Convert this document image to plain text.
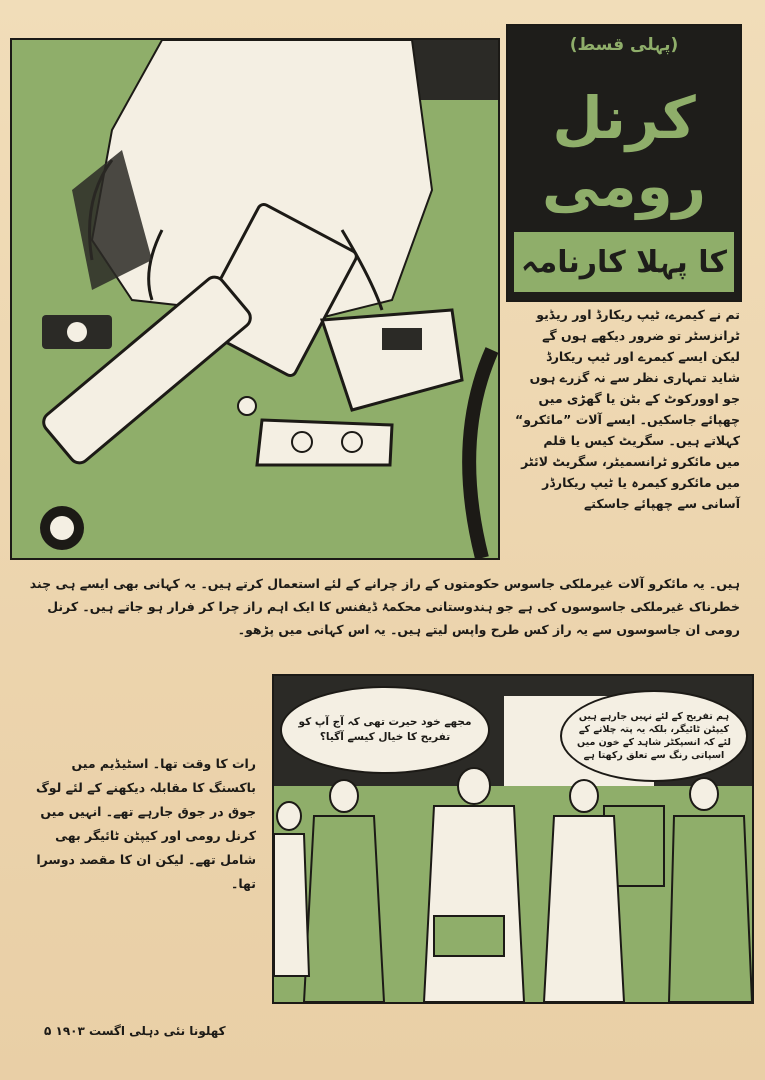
(پہلی قسط)
کرنل رومی
کا پہلا کارنامہ
تم نے کیمرے، ٹیپ ریکارڈ اور ریڈیو ٹرانزسٹر تو ضرور دیکھے ہوں گے لیکن ایسے کیمرے اور ٹیپ ریکارڈ شاید تمہاری نظر سے نہ گزرے ہوں جو اوورکوٹ کے بٹن یا گھڑی میں چھپائے جاسکیں۔ ایسے آلات ”مائکرو“ کہلاتے ہیں۔ سگریٹ کیس یا قلم میں مائکرو ٹرانسمیٹر، سگریٹ لائٹر میں مائکرو کیمرہ یا ٹیپ ریکارڈر آسانی سے چھپائے جاسکتے
ہیں۔ یہ مائکرو آلات غیرملکی جاسوس حکومتوں کے راز چرانے کے لئے استعمال کرتے ہیں۔ یہ کہانی بھی ایسے ہی چند خطرناک غیرملکی جاسوسوں کی ہے جو ہندوستانی محکمۂ ڈیفنس کا ایک اہم راز چرا کر فرار ہو جاتے ہیں۔ کرنل رومی ان جاسوسوں سے یہ راز کس طرح واپس لیتے ہیں۔ یہ اس کہانی میں پڑھو۔
رات کا وقت تھا۔ اسٹیڈیم میں باکسنگ کا مقابلہ دیکھنے کے لئے لوگ جوق در جوق جارہے تھے۔ انہیں میں کرنل رومی اور کیپٹن ٹائیگر بھی شامل تھے۔ لیکن ان کا مقصد دوسرا تھا۔
مجھے خود حیرت تھی کہ آج آپ کو تفریح کا خیال کیسے آگیا؟
ہم تفریح کے لئے نہیں جارہے ہیں کیپٹن ٹائیگر، بلکہ یہ پتہ چلانے کے لئے کہ انسپکٹر شاہد کے خون میں اسپاتی رنگ سے تعلق رکھتا ہے
کھلونا نئی دہلی اگست ۱۹۰۳ ۵
